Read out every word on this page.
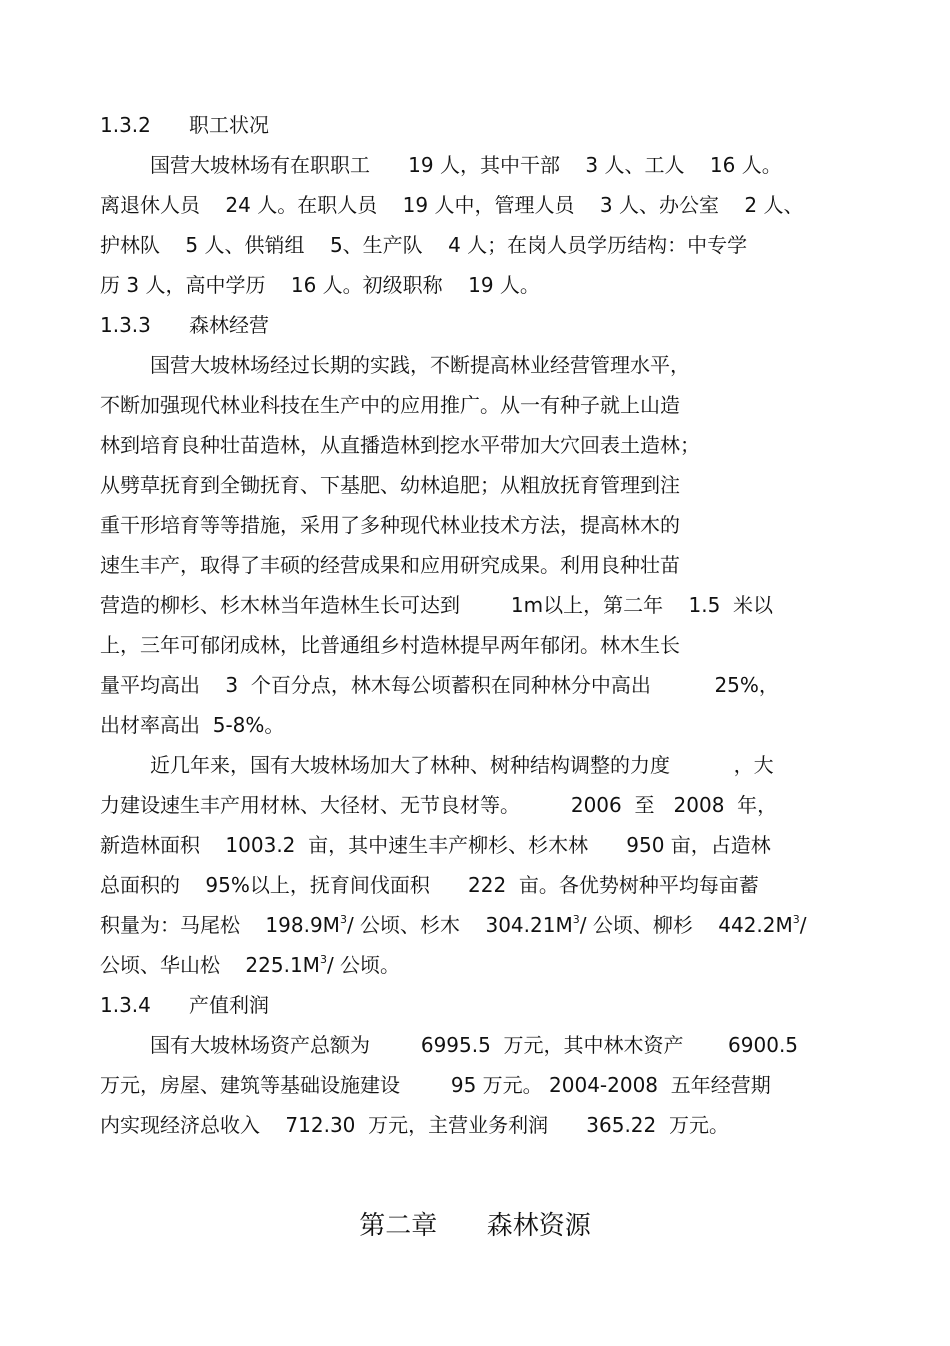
1.3.2      职工状况
国营大坡林场有在职职工      19 人，其中干部    3 人、工人    16 人。
离退休人员    24 人。在职人员    19 人中，管理人员    3 人、办公室    2 人、
护林队    5 人、供销组    5、生产队    4 人；在岗人员学历结构：中专学
历 3 人，高中学历    16 人。初级职称    19 人。
1.3.3      森林经营
国营大坡林场经过长期的实践，不断提高林业经营管理水平，
不断加强现代林业科技在生产中的应用推广。从一有种子就上山造
林到培育良种壮苗造林，从直播造林到挖水平带加大穴回表土造林；
从劈草抚育到全锄抚育、下基肥、幼林追肥；从粗放抚育管理到注
重干形培育等等措施，采用了多种现代林业技术方法，提高林木的
速生丰产，取得了丰硕的经营成果和应用研究成果。利用良种壮苗
营造的柳杉、杉木林当年造林生长可达到        1m以上，第二年    1.5  米以
上，三年可郁闭成林，比普通组乡村造林提早两年郁闭。林木生长
量平均高出    3  个百分点，林木每公顷蓄积在同种林分中高出          25%，
出材率高出  5-8%。
近几年来，国有大坡林场加大了林种、树种结构调整的力度          ，大
力建设速生丰产用材林、大径材、无节良材等。        2006  至   2008  年，
新造林面积    1003.2  亩，其中速生丰产柳杉、杉木林      950 亩，占造林
总面积的    95%以上，抚育间伐面积      222  亩。各优势树种平均每亩蓄
积量为：马尾松    $198.9M^3/$ 公顷、杉木    $304.21M^3/$ 公顷、柳杉    $442.2M^3/$
公顷、华山松    $225.1M^3/$ 公顷。
1.3.4      产值利润
国有大坡林场资产总额为        6995.5  万元，其中林木资产       6900.5
万元，房屋、建筑等基础设施建设        95 万元。 2004-2008  五年经营期
内实现经济总收入    712.30  万元，主营业务利润      365.22  万元。
第二章      森林资源
